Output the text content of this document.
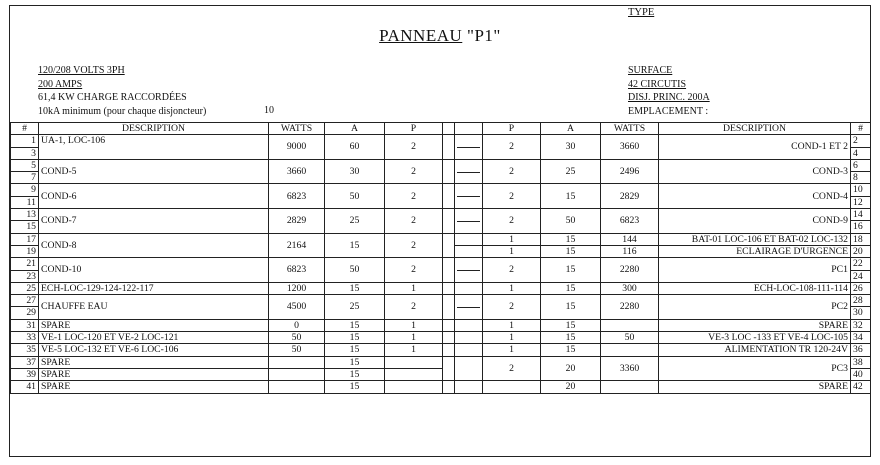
TYPE
PANNEAU "P1"
120/208 VOLTS 3PH
200 AMPS
61,4 KW CHARGE RACCORDÉES
10kA minimum (pour chaque disjoncteur)	10
SURFACE
42 CIRCUTIS
DISJ. PRINC. 200A
EMPLACEMENT :
#	DESCRIPTION	WATTS	A	P			P	A	WATTS	DESCRIPTION	#
1	UA-1, LOC-106	9000	60	2			2	30	3660	COND-1 ET 2	2
3											4
5	COND-5	3660	30	2			2	25	2496	COND-3	6
7											8
9	COND-6	6823	50	2			2	15	2829	COND-4	10
11											12
13	COND-7	2829	25	2			2	50	6823	COND-9	14
15											16
17	COND-8	2164	15	2			1	15	144	BAT-01 LOC-106 ET BAT-02 LOC-132	18
19							1	15	116	ECLAIRAGE D'URGENCE	20
21	COND-10	6823	50	2			2	15	2280	PC1	22
23											24
25	ECH-LOC-129-124-122-117	1200	15	1			1	15	300	ECH-LOC-108-111-114	26
27	CHAUFFE EAU	4500	25	2			2	15	2280	PC2	28
29											30
31	SPARE	0	15	1			1	15		SPARE	32
33	VE-1 LOC-120 ET VE-2 LOC-121	50	15	1			1	15	50	VE-3 LOC -133 ET VE-4 LOC-105	34
35	VE-5 LOC-132 ET VE-6 LOC-106	50	15	1			1	15		ALIMENTATION TR 120-24V	36
37	SPARE		15				2	20	3360	PC3	38
39	SPARE		15								40
41	SPARE		15					20		SPARE	42
